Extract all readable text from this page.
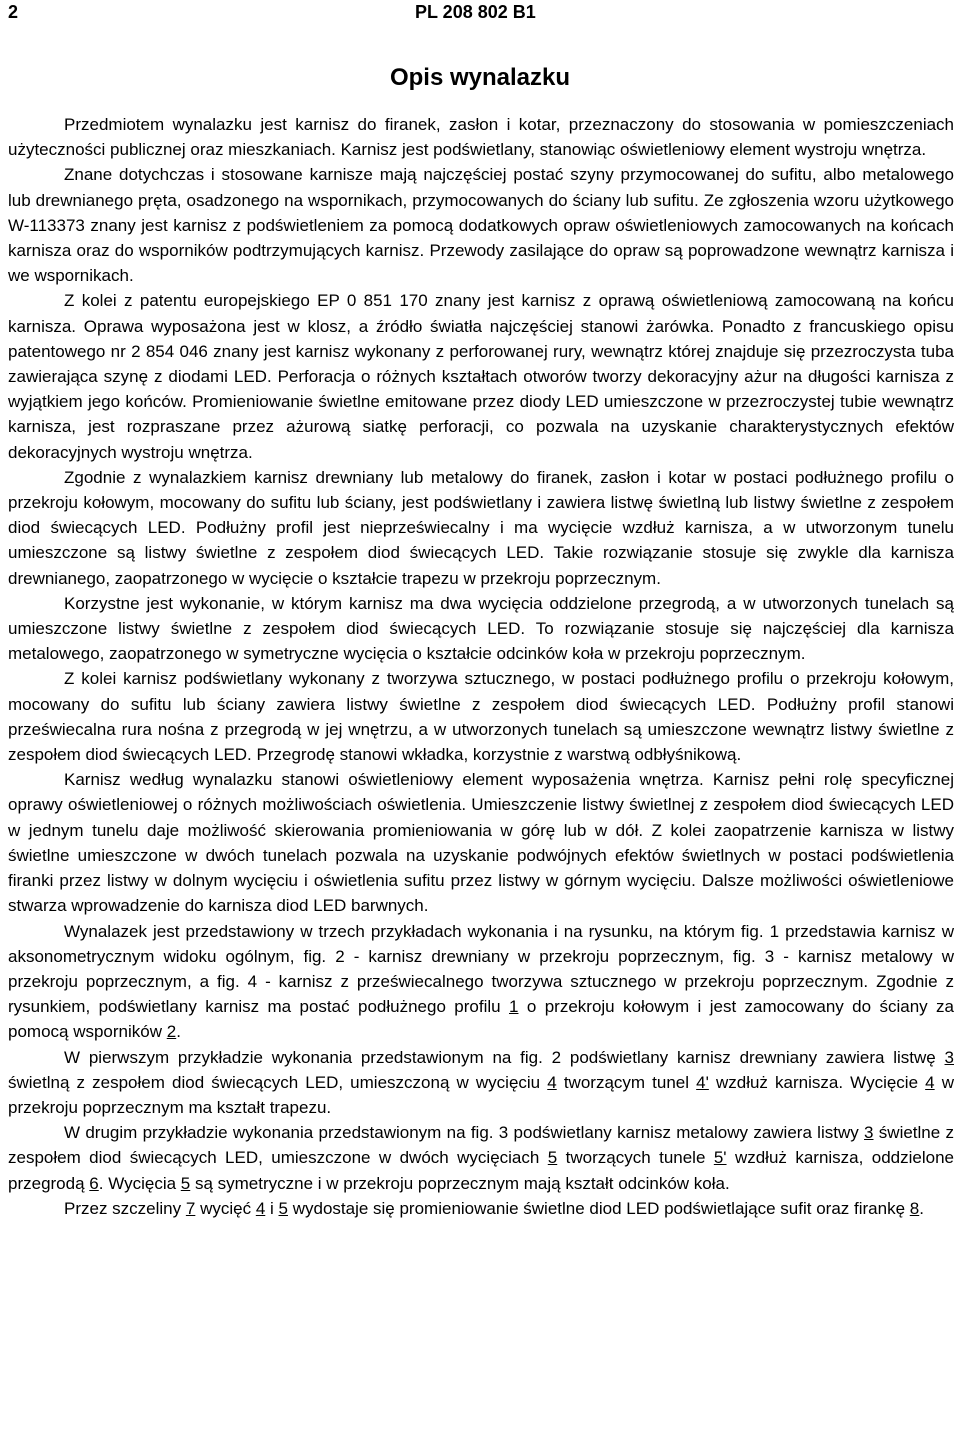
2	PL 208 802 B1
Opis wynalazku

Przedmiotem wynalazku jest karnisz do firanek, zasłon i kotar, przeznaczony do stosowania w pomieszczeniach użyteczności publicznej oraz mieszkaniach. Karnisz jest podświetlany, stanowiąc oświetleniowy element wystroju wnętrza.

Znane dotychczas i stosowane karnisze mają najczęściej postać szyny przymocowanej do sufitu, albo metalowego lub drewnianego pręta, osadzonego na wspornikach, przymocowanych do ściany lub sufitu. Ze zgłoszenia wzoru użytkowego W-113373 znany jest karnisz z podświetleniem za pomocą dodatkowych opraw oświetleniowych zamocowanych na końcach karnisza oraz do wsporników podtrzymujących karnisz. Przewody zasilające do opraw są poprowadzone wewnątrz karnisza i we wspornikach.

Z kolei z patentu europejskiego EP 0 851 170 znany jest karnisz z oprawą oświetleniową zamocowaną na końcu karnisza. Oprawa wyposażona jest w klosz, a źródło światła najczęściej stanowi żarówka. Ponadto z francuskiego opisu patentowego nr 2 854 046 znany jest karnisz wykonany z perforowanej rury, wewnątrz której znajduje się przezroczysta tuba zawierająca szynę z diodami LED. Perforacja o różnych kształtach otworów tworzy dekoracyjny ażur na długości karnisza z wyjątkiem jego końców. Promieniowanie świetlne emitowane przez diody LED umieszczone w przezroczystej tubie wewnątrz karnisza, jest rozpraszane przez ażurową siatkę perforacji, co pozwala na uzyskanie charakterystycznych efektów dekoracyjnych wystroju wnętrza.

Zgodnie z wynalazkiem karnisz drewniany lub metalowy do firanek, zasłon i kotar w postaci podłużnego profilu o przekroju kołowym, mocowany do sufitu lub ściany, jest podświetlany i zawiera listwę świetlną lub listwy świetlne z zespołem diod świecących LED. Podłużny profil jest nieprzeświecalny i ma wycięcie wzdłuż karnisza, a w utworzonym tunelu umieszczone są listwy świetlne z zespołem diod świecących LED. Takie rozwiązanie stosuje się zwykle dla karnisza drewnianego, zaopatrzonego w wycięcie o kształcie trapezu w przekroju poprzecznym.

Korzystne jest wykonanie, w którym karnisz ma dwa wycięcia oddzielone przegrodą, a w utworzonych tunelach są umieszczone listwy świetlne z zespołem diod świecących LED. To rozwiązanie stosuje się najczęściej dla karnisza metalowego, zaopatrzonego w symetryczne wycięcia o kształcie odcinków koła w przekroju poprzecznym.

Z kolei karnisz podświetlany wykonany z tworzywa sztucznego, w postaci podłużnego profilu o przekroju kołowym, mocowany do sufitu lub ściany zawiera listwy świetlne z zespołem diod świecących LED. Podłużny profil stanowi przeświecalna rura nośna z przegrodą w jej wnętrzu, a w utworzonych tunelach są umieszczone wewnątrz listwy świetlne z zespołem diod świecących LED. Przegrodę stanowi wkładka, korzystnie z warstwą odbłyśnikową.

Karnisz według wynalazku stanowi oświetleniowy element wyposażenia wnętrza. Karnisz pełni rolę specyficznej oprawy oświetleniowej o różnych możliwościach oświetlenia. Umieszczenie listwy świetlnej z zespołem diod świecących LED w jednym tunelu daje możliwość skierowania promieniowania w górę lub w dół. Z kolei zaopatrzenie karnisza w listwy świetlne umieszczone w dwóch tunelach pozwala na uzyskanie podwójnych efektów świetlnych w postaci podświetlenia firanki przez listwy w dolnym wycięciu i oświetlenia sufitu przez listwy w górnym wycięciu. Dalsze możliwości oświetleniowe stwarza wprowadzenie do karnisza diod LED barwnych.

Wynalazek jest przedstawiony w trzech przykładach wykonania i na rysunku, na którym fig. 1 przedstawia karnisz w aksonometrycznym widoku ogólnym, fig. 2 - karnisz drewniany w przekroju poprzecznym, fig. 3 - karnisz metalowy w przekroju poprzecznym, a fig. 4 - karnisz z przeświecalnego tworzywa sztucznego w przekroju poprzecznym. Zgodnie z rysunkiem, podświetlany karnisz ma postać podłużnego profilu 1 o przekroju kołowym i jest zamocowany do ściany za pomocą wsporników 2.

W pierwszym przykładzie wykonania przedstawionym na fig. 2 podświetlany karnisz drewniany zawiera listwę 3 świetlną z zespołem diod świecących LED, umieszczoną w wycięciu 4 tworzącym tunel 4' wzdłuż karnisza. Wycięcie 4 w przekroju poprzecznym ma kształt trapezu.

W drugim przykładzie wykonania przedstawionym na fig. 3 podświetlany karnisz metalowy zawiera listwy 3 świetlne z zespołem diod świecących LED, umieszczone w dwóch wycięciach 5 tworzących tunele 5' wzdłuż karnisza, oddzielone przegrodą 6. Wycięcia 5 są symetryczne i w przekroju poprzecznym mają kształt odcinków koła.

Przez szczeliny 7 wycięć 4 i 5 wydostaje się promieniowanie świetlne diod LED podświetlające sufit oraz firankę 8.
